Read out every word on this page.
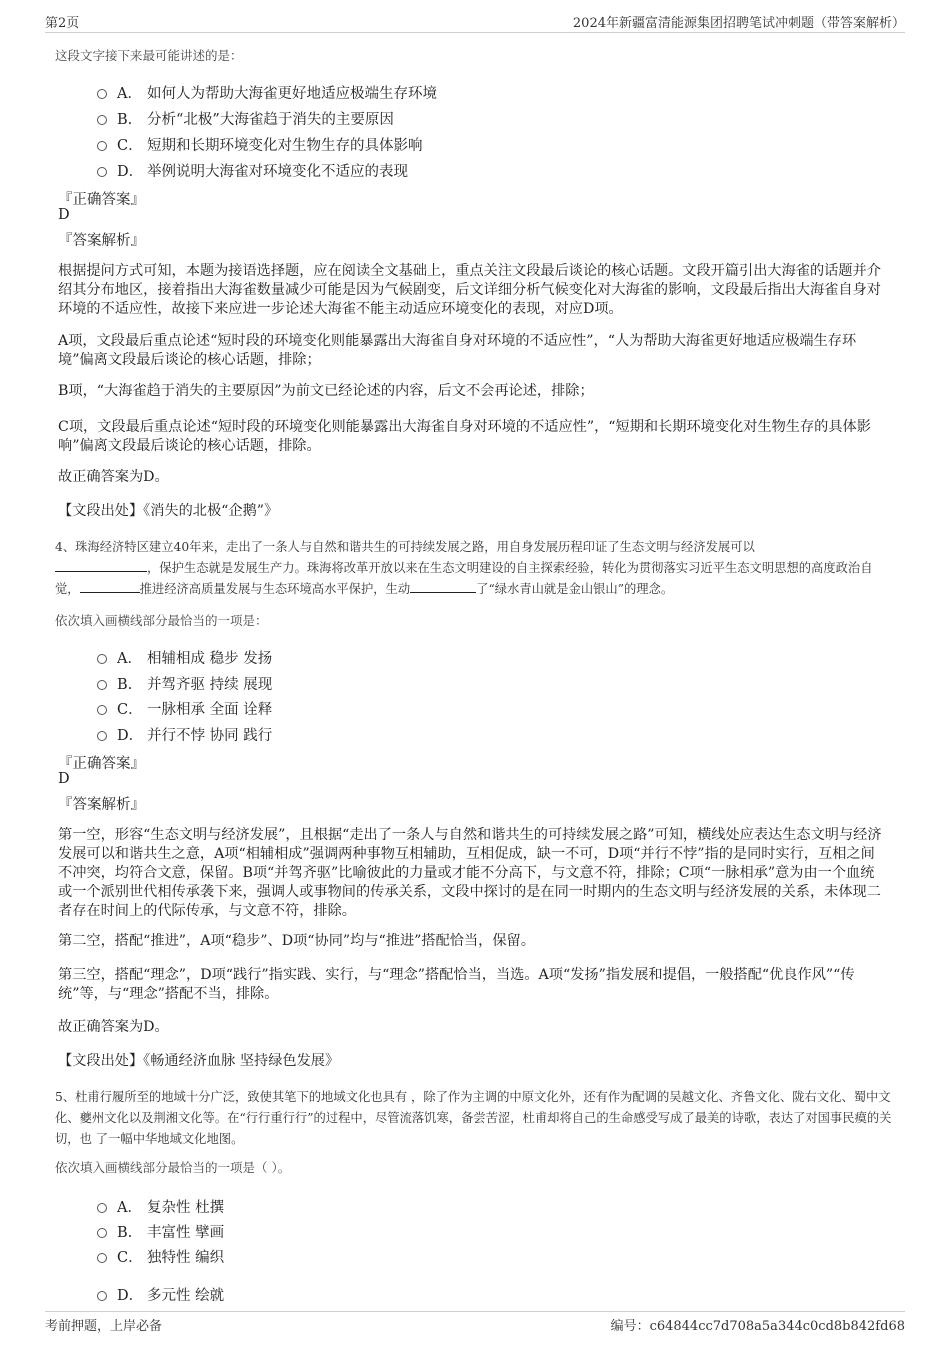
第2页	2024年新疆富清能源集团招聘笔试冲刺题（带答案解析）
这段文字接下来最可能讲述的是：
A． 如何人为帮助大海雀更好地适应极端生存环境
B. 分析“北极”大海雀趋于消失的主要原因
C． 短期和长期环境变化对生物生存的具体影响
D． 举例说明大海雀对环境变化不适应的表现
『正确答案』
D
『答案解析』
根据提问方式可知，本题为接语选择题，应在阅读全文基础上，重点关注文段最后谈论的核心话题。文段开篇引出大海雀的话题并介绍其分布地区，接着指出大海雀数量减少可能是因为气候剧变，后文详细分析气候变化对大海雀的影响，文段最后指出大海雀自身对环境的不适应性，故接下来应进一步论述大海雀不能主动适应环境变化的表现，对应D项。
A项，文段最后重点论述“短时段的环境变化则能暴露出大海雀自身对环境的不适应性”，“人为帮助大海雀更好地适应极端生存环境”偏离文段最后谈论的核心话题，排除；
B项，“大海雀趋于消失的主要原因”为前文已经论述的内容，后文不会再论述，排除；
C项，文段最后重点论述“短时段的环境变化则能暴露出大海雀自身对环境的不适应性”，“短期和长期环境变化对生物生存的具体影响”偏离文段最后谈论的核心话题，排除。
故正确答案为D。
【文段出处】《消失的北极“企鹅”》
4、珠海经济特区建立40年来，走出了一条人与自然和谐共生的可持续发展之路，用自身发展历程印证了生态文明与经济发展可以
，保护生态就是发展生产力。珠海将改革开放以来在生态文明建设的自主探索经验，转化为贯彻落实习近平生态文明思想的高度政治自觉，	推进经济高质量发展与生态环境高水平保护，生动	了“绿水青山就是金山银山”的理念。
依次填入画横线部分最恰当的一项是：
A． 相辅相成 稳步 发扬
B. 并驾齐驱 持续 展现
C． 一脉相承 全面 诠释
D． 并行不悖 协同 践行
『正确答案』
D
『答案解析』
第一空，形容“生态文明与经济发展”，且根据“走出了一条人与自然和谐共生的可持续发展之路”可知，横线处应表达生态文明与经济发展可以和谐共生之意，A项“相辅相成”强调两种事物互相辅助，互相促成，缺一不可，D项“并行不悖”指的是同时实行，互相之间不冲突，均符合文意，保留。B项“并驾齐驱”比喻彼此的力量或才能不分高下，与文意不符，排除；C项“一脉相承”意为由一个血统或一个派别世代相传承袭下来，强调人或事物间的传承关系，文段中探讨的是在同一时期内的生态文明与经济发展的关系，未体现二者存在时间上的代际传承，与文意不符，排除。
第二空，搭配“推进”，A项“稳步”、D项“协同”均与“推进”搭配恰当，保留。
第三空，搭配“理念”，D项“践行”指实践、实行，与“理念”搭配恰当，当选。A项“发扬”指发展和提倡，一般搭配“优良作风”“传统”等，与“理念”搭配不当，排除。
故正确答案为D。
【文段出处】《畅通经济血脉 坚持绿色发展》
5、杜甫行履所至的地域十分广泛，致使其笔下的地域文化也具有 ，除了作为主调的中原文化外，还有作为配调的吴越文化、齐鲁文化、陇右文化、蜀中文化、夔州文化以及荆湘文化等。在“行行重行行”的过程中，尽管流落饥寒，备尝苦涩，杜甫却将自己的生命感受写成了最美的诗歌，表达了对国事民瘼的关切，也 了一幅中华地域文化地图。
依次填入画横线部分最恰当的一项是（ ）。
A． 复杂性 杜撰
B. 丰富性 擘画
C． 独特性 编织
D． 多元性 绘就
考前押题，上岸必备	编号：c64844cc7d708a5a344c0cd8b842fd68
